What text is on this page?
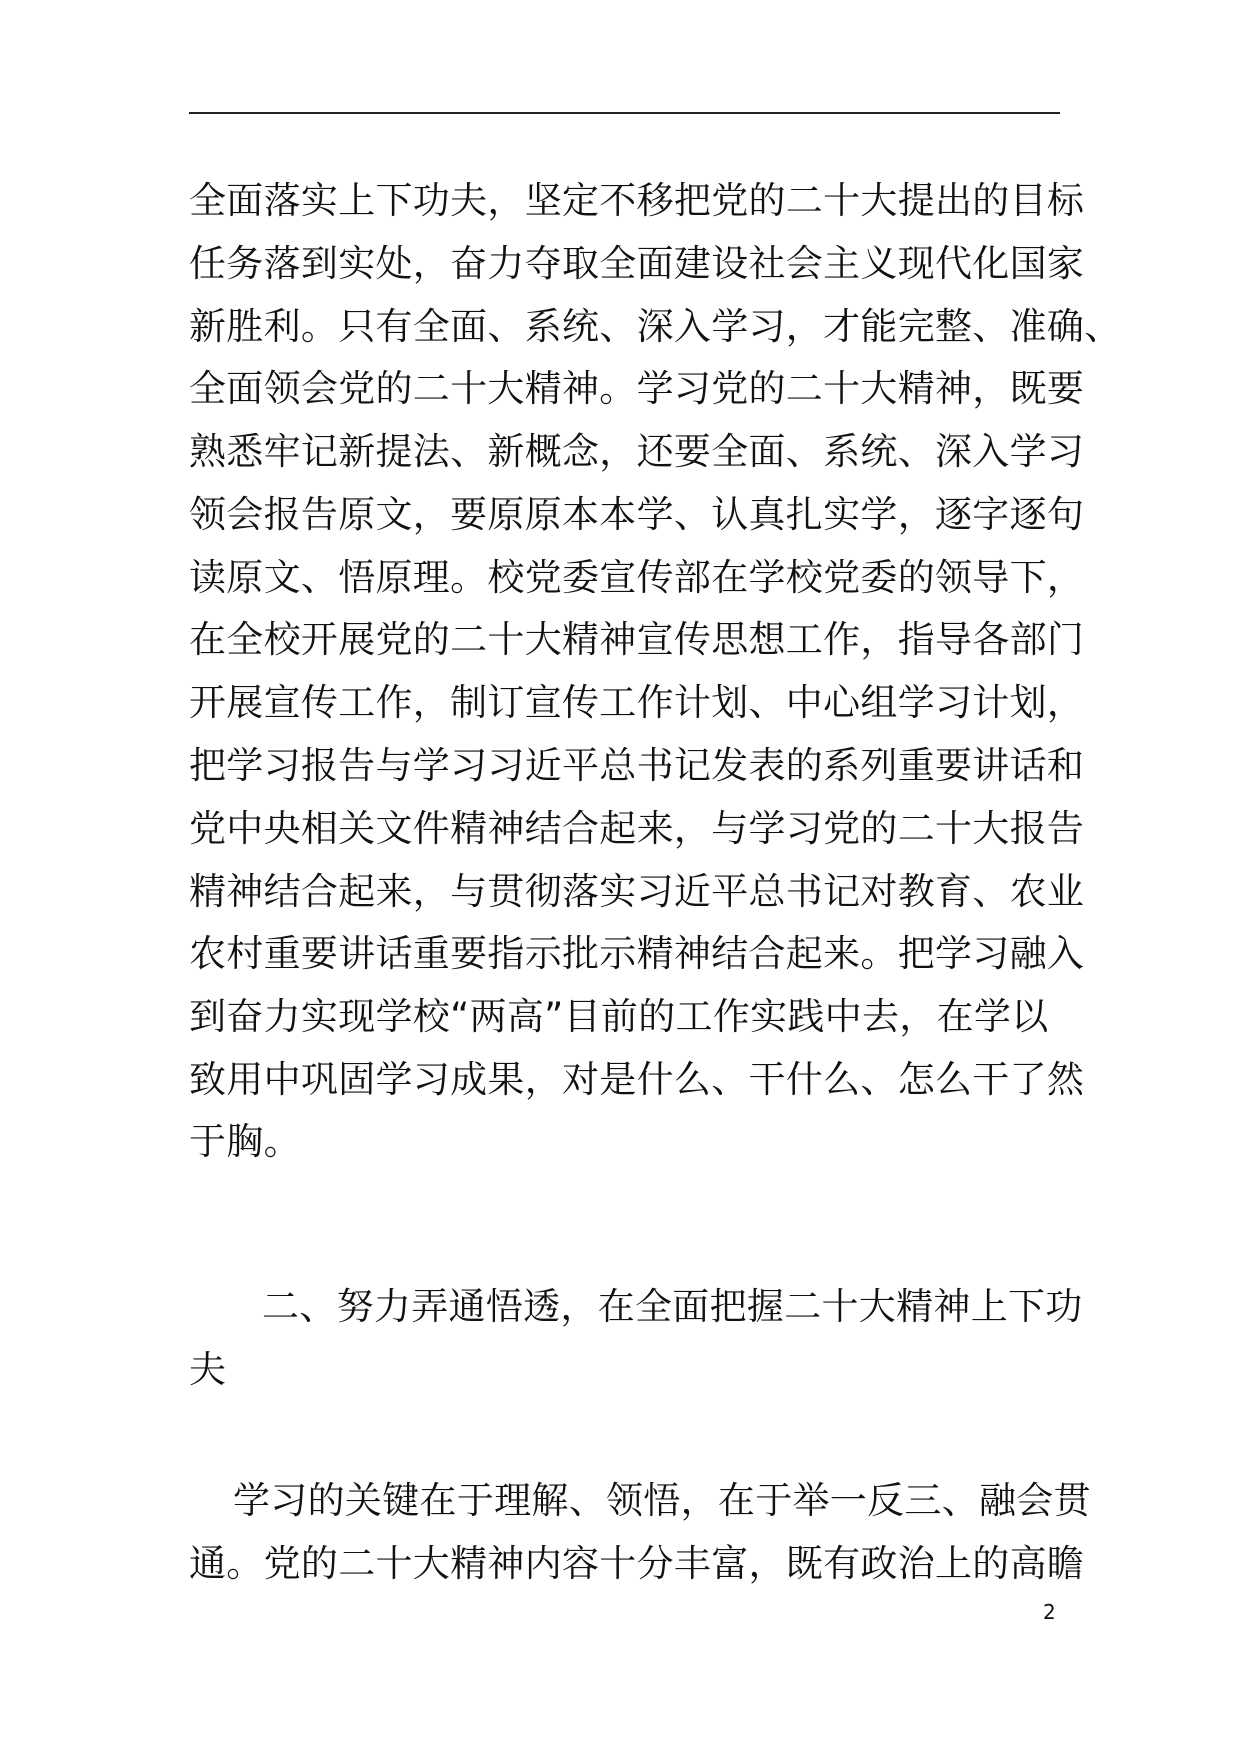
全面落实上下功夫，坚定不移把党的二十大提出的目标
任务落到实处，奋力夺取全面建设社会主义现代化国家
新胜利。只有全面、系统、深入学习，才能完整、准确、
全面领会党的二十大精神。学习党的二十大精神，既要
熟悉牢记新提法、新概念，还要全面、系统、深入学习
领会报告原文，要原原本本学、认真扎实学，逐字逐句
读原文、悟原理。校党委宣传部在学校党委的领导下，
在全校开展党的二十大精神宣传思想工作，指导各部门
开展宣传工作，制订宣传工作计划、中心组学习计划，
把学习报告与学习习近平总书记发表的系列重要讲话和
党中央相关文件精神结合起来，与学习党的二十大报告
精神结合起来，与贯彻落实习近平总书记对教育、农业
农村重要讲话重要指示批示精神结合起来。把学习融入
到奋力实现学校“两高”目前的工作实践中去，在学以
致用中巩固学习成果，对是什么、干什么、怎么干了然
于胸。
二、努力弄通悟透，在全面把握二十大精神上下功
夫
学习的关键在于理解、领悟，在于举一反三、融会贯
通。党的二十大精神内容十分丰富，既有政治上的高瞻
2
